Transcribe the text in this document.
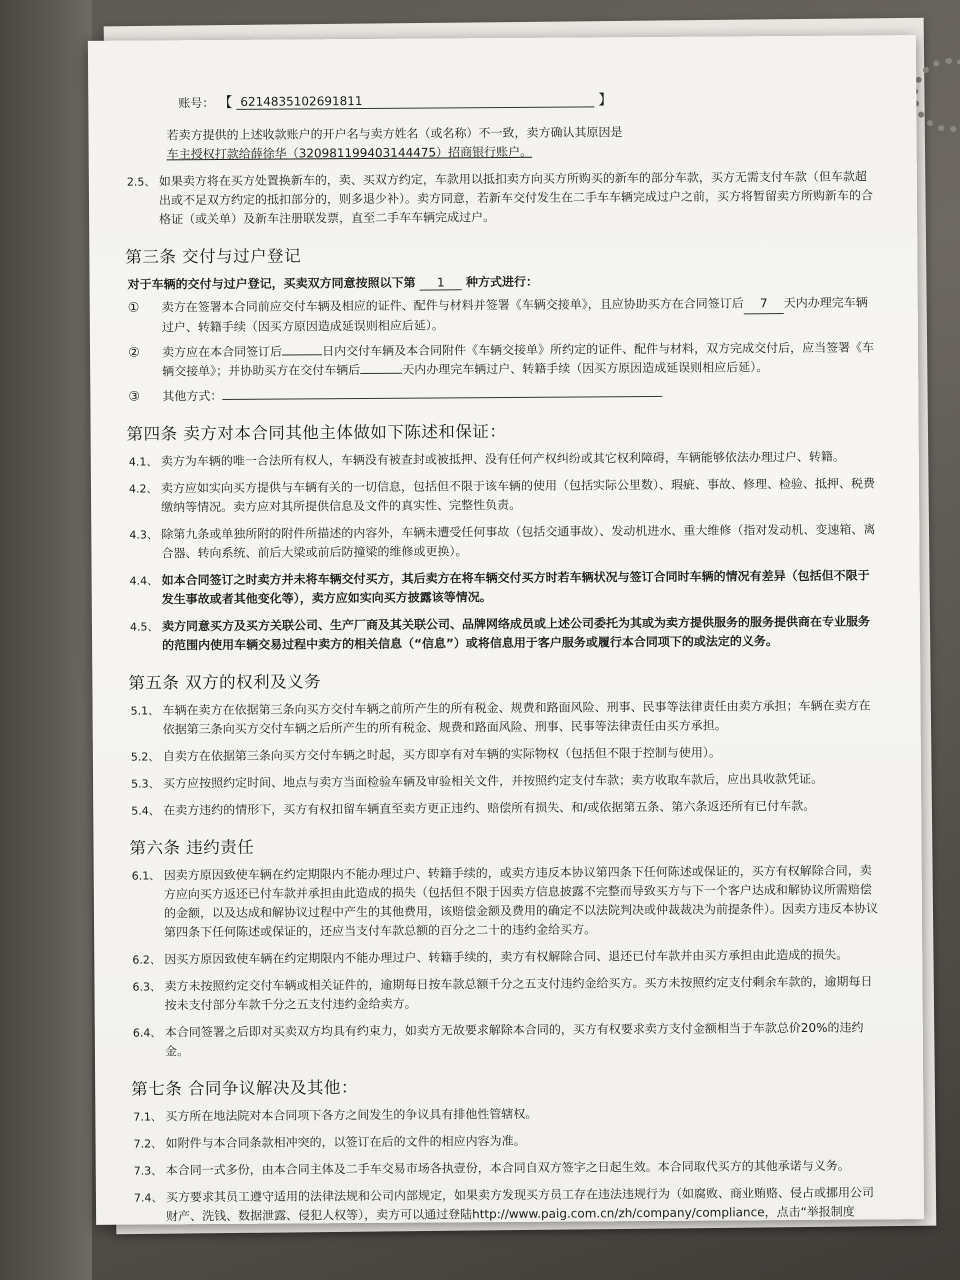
账号： 【 6214835102691811	】
若卖方提供的上述收款账户的开户名与卖方姓名（或名称）不一致，卖方确认其原因是
车主授权打款给薛徐华（320981199403144475）招商银行账户。
2.5、 如果卖方将在买方处置换新车的，卖、买双方约定，车款用以抵扣卖方向买方所购买的新车的部分车款，买方无需支付车款（但车款超出或不足双方约定的抵扣部分的，则多退少补）。卖方同意，若新车交付发生在二手车车辆完成过户之前，买方将暂留卖方所购新车的合格证（或关单）及新车注册联发票，直至二手车车辆完成过户。
第三条 交付与过户登记
对于车辆的交付与过户登记，买卖双方同意按照以下第 1 种方式进行：
①	卖方在签署本合同前应交付车辆及相应的证件、配件与材料并签署《车辆交接单》，且应协助买方在合同签订后 7 天内办理完车辆过户、转籍手续（因买方原因造成延误则相应后延）。
②	卖方应在本合同签订后	日内交付车辆及本合同附件《车辆交接单》所约定的证件、配件与材料，双方完成交付后，应当签署《车辆交接单》；并协助买方在交付车辆后	天内办理完车辆过户、转籍手续（因买方原因造成延误则相应后延）。
③	其他方式：
第四条 卖方对本合同其他主体做如下陈述和保证：
4.1、 卖方为车辆的唯一合法所有权人，车辆没有被查封或被抵押、没有任何产权纠纷或其它权利障碍，车辆能够依法办理过户、转籍。
4.2、 卖方应如实向买方提供与车辆有关的一切信息，包括但不限于该车辆的使用（包括实际公里数）、瑕疵、事故、修理、检验、抵押、税费缴纳等情况。卖方应对其所提供信息及文件的真实性、完整性负责。
4.3、 除第九条或单独所附的附件所描述的内容外，车辆未遭受任何事故（包括交通事故）、发动机进水、重大维修（指对发动机、变速箱、离合器、转向系统、前后大梁或前后防撞梁的维修或更换）。
4.4、 如本合同签订之时卖方并未将车辆交付买方，其后卖方在将车辆交付买方时若车辆状况与签订合同时车辆的情况有差异（包括但不限于发生事故或者其他变化等），卖方应如实向买方披露该等情况。
4.5、 卖方同意买方及买方关联公司、生产厂商及其关联公司、品牌网络成员或上述公司委托为其或为卖方提供服务的服务提供商在专业服务的范围内使用车辆交易过程中卖方的相关信息（“信息”）或将信息用于客户服务或履行本合同项下的或法定的义务。
第五条 双方的权利及义务
5.1、 车辆在卖方在依据第三条向买方交付车辆之前所产生的所有税金、规费和路面风险、刑事、民事等法律责任由卖方承担；车辆在卖方在依据第三条向买方交付车辆之后所产生的所有税金、规费和路面风险、刑事、民事等法律责任由买方承担。
5.2、 自卖方在依据第三条向买方交付车辆之时起，买方即享有对车辆的实际物权（包括但不限于控制与使用）。
5.3、 买方应按照约定时间、地点与卖方当面检验车辆及审验相关文件，并按照约定支付车款；卖方收取车款后，应出具收款凭证。
5.4、 在卖方违约的情形下，买方有权扣留车辆直至卖方更正违约、赔偿所有损失、和/或依据第五条、第六条返还所有已付车款。
第六条 违约责任
6.1、 因卖方原因致使车辆在约定期限内不能办理过户、转籍手续的，或卖方违反本协议第四条下任何陈述或保证的，买方有权解除合同，卖方应向买方返还已付车款并承担由此造成的损失（包括但不限于因卖方信息披露不完整而导致买方与下一个客户达成和解协议所需赔偿的金额，以及达成和解协议过程中产生的其他费用，该赔偿金额及费用的确定不以法院判决或仲裁裁决为前提条件）。因卖方违反本协议第四条下任何陈述或保证的，还应当支付车款总额的百分之二十的违约金给买方。
6.2、 因买方原因致使车辆在约定期限内不能办理过户、转籍手续的，卖方有权解除合同、退还已付车款并由买方承担由此造成的损失。
6.3、 卖方未按照约定交付车辆或相关证件的，逾期每日按车款总额千分之五支付违约金给买方。买方未按照约定支付剩余车款的，逾期每日按未支付部分车款千分之五支付违约金给卖方。
6.4、 本合同签署之后即对买卖双方均具有约束力，如卖方无故要求解除本合同的，买方有权要求卖方支付金额相当于车款总价20%的违约金。
第七条 合同争议解决及其他：
7.1、 买方所在地法院对本合同项下各方之间发生的争议具有排他性管辖权。
7.2、 如附件与本合同条款相冲突的，以签订在后的文件的相应内容为准。
7.3、 本合同一式多份，由本合同主体及二手车交易市场各执壹份，本合同自双方签字之日起生效。本合同取代买方的其他承诺与义务。
7.4、 买方要求其员工遵守适用的法律法规和公司内部规定，如果卖方发现买方员工存在违法违规行为（如腐败、商业贿赂、侵占或挪用公司财产、洗钱、数据泄露、侵犯人权等），卖方可以通过登陆http://www.paig.com.cn/zh/company/compliance，点击“举报制度
